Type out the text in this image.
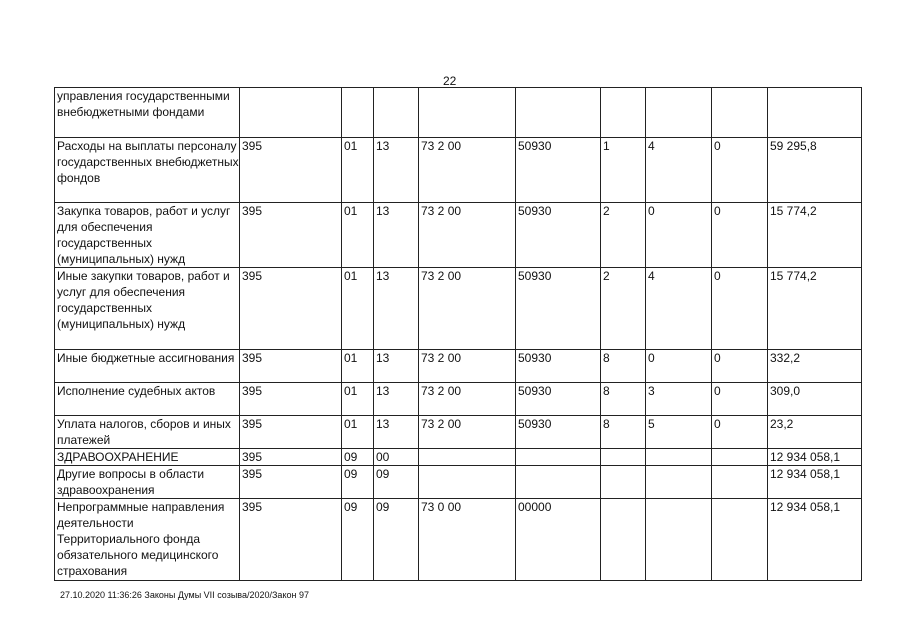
22
управления государственными внебюджетными фондами									
Расходы на выплаты персоналу государственных внебюджетных фондов	395	01	13	73 2 00	50930	1	4	0	59 295,8
Закупка товаров, работ и услуг для обеспечения государственных (муниципальных) нужд	395	01	13	73 2 00	50930	2	0	0	15 774,2
Иные закупки товаров, работ и услуг для обеспечения государственных (муниципальных) нужд	395	01	13	73 2 00	50930	2	4	0	15 774,2
Иные бюджетные ассигнования	395	01	13	73 2 00	50930	8	0	0	332,2
Исполнение судебных актов	395	01	13	73 2 00	50930	8	3	0	309,0
Уплата налогов, сборов и иных платежей	395	01	13	73 2 00	50930	8	5	0	23,2
ЗДРАВООХРАНЕНИЕ	395	09	00						12 934 058,1
Другие вопросы в области здравоохранения	395	09	09						12 934 058,1
Непрограммные направления деятельности Территориального фонда обязательного медицинского страхования	395	09	09	73 0 00	00000				12 934 058,1
27.10.2020 11:36:26 Законы Думы VII созыва/2020/Закон 97
